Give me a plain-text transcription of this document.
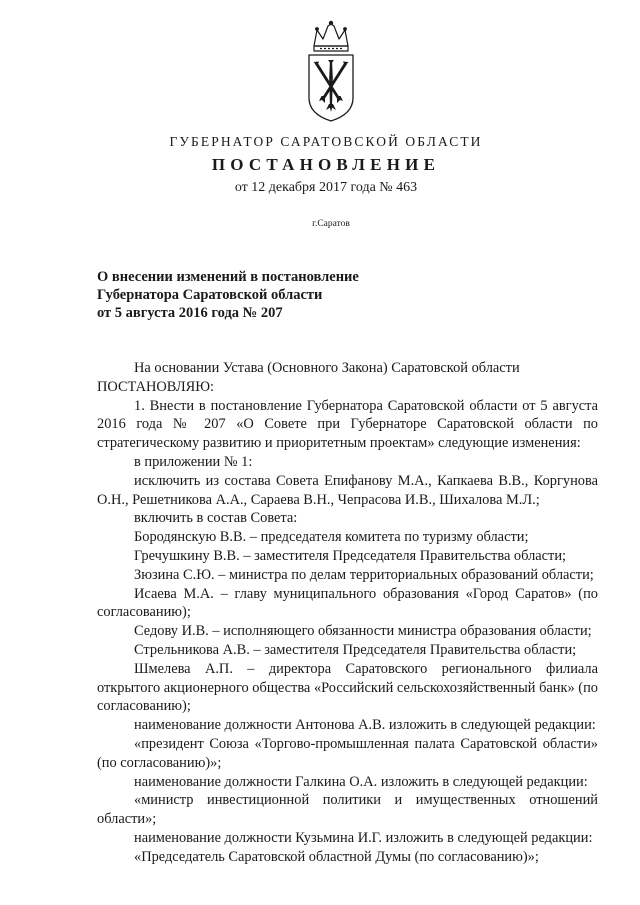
ГУБЕРНАТОР САРАТОВСКОЙ ОБЛАСТИ
ПОСТАНОВЛЕНИЕ
от 12 декабря 2017 года № 463
г.Саратов
О внесении изменений в постановление
Губернатора Саратовской области
от 5 августа 2016 года № 207

На основании Устава (Основного Закона) Саратовской области

ПОСТАНОВЛЯЮ:

1. Внести в постановление Губернатора Саратовской области от 5 августа 2016 года № 207 «О Совете при Губернаторе Саратовской области по стратегическому развитию и приоритетным проектам» следующие изменения:

в приложении № 1:

исключить из состава Совета Епифанову М.А., Капкаева В.В., Коргунова О.Н., Решетникова А.А., Сараева В.Н., Чепрасова И.В., Шихалова М.Л.;

включить в состав Совета:

Бородянскую В.В. – председателя комитета по туризму области;

Гречушкину В.В. – заместителя Председателя Правительства области;

Зюзина С.Ю. – министра по делам территориальных образований области;

Исаева М.А. – главу муниципального образования «Город Саратов» (по согласованию);

Седову И.В. – исполняющего обязанности министра образования области;

Стрельникова А.В. – заместителя Председателя Правительства области;

Шмелева А.П. – директора Саратовского регионального филиала открытого акционерного общества «Российский сельскохозяйственный банк» (по согласованию);

наименование должности Антонова А.В. изложить в следующей редакции:

«президент Союза «Торгово-промышленная палата Саратовской области» (по согласованию)»;

наименование должности Галкина О.А. изложить в следующей редакции:

«министр инвестиционной политики и имущественных отношений области»;

наименование должности Кузьмина И.Г. изложить в следующей редакции:

«Председатель Саратовской областной Думы (по согласованию)»;
